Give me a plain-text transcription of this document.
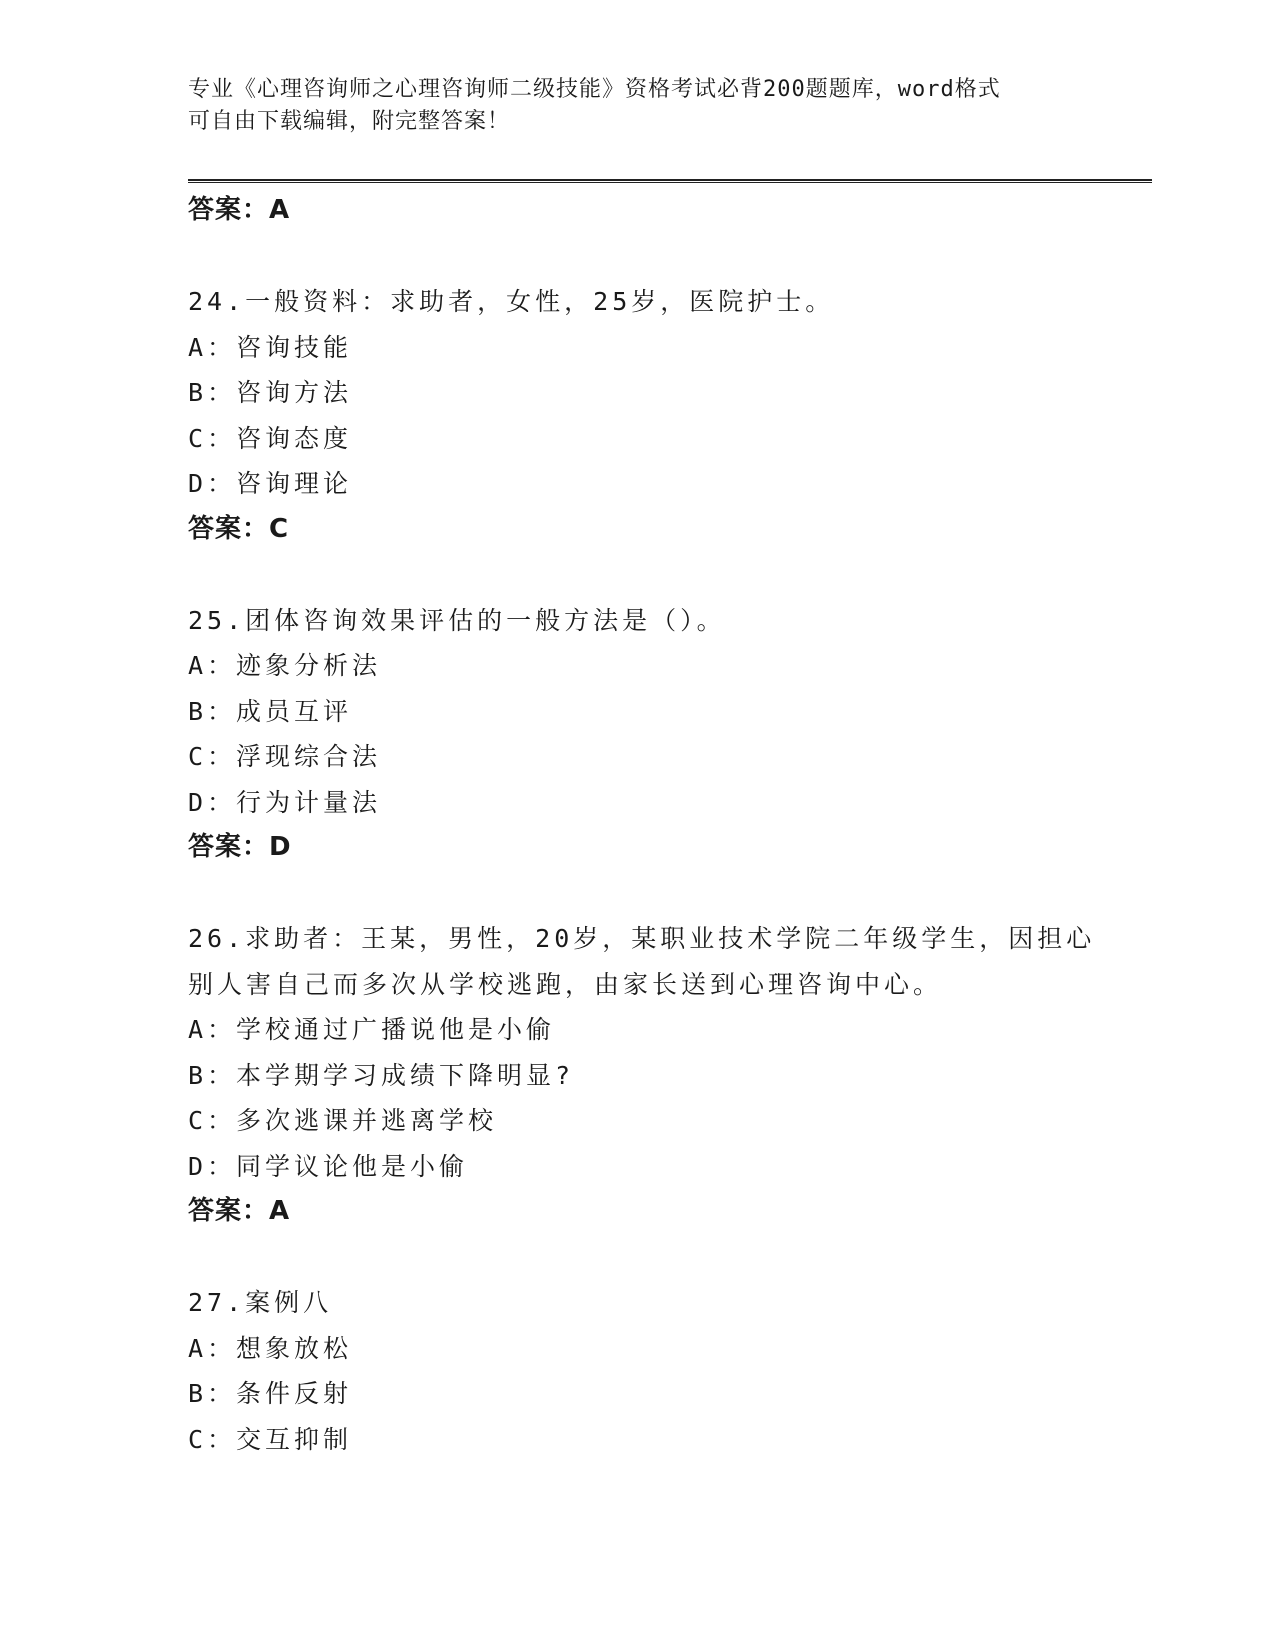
专业《心理咨询师之心理咨询师二级技能》资格考试必背200题题库，word格式
可自由下载编辑，附完整答案！
答案：A
24.一般资料：求助者，女性，25岁，医院护士。
A：咨询技能
B：咨询方法
C：咨询态度
D：咨询理论
答案：C
25.团体咨询效果评估的一般方法是（）。
A：迹象分析法
B：成员互评
C：浮现综合法
D：行为计量法
答案：D
26.求助者：王某，男性，20岁，某职业技术学院二年级学生，因担心
别人害自己而多次从学校逃跑，由家长送到心理咨询中心。
A：学校通过广播说他是小偷
B：本学期学习成绩下降明显?
C：多次逃课并逃离学校
D：同学议论他是小偷
答案：A
27.案例八
A：想象放松
B：条件反射
C：交互抑制
